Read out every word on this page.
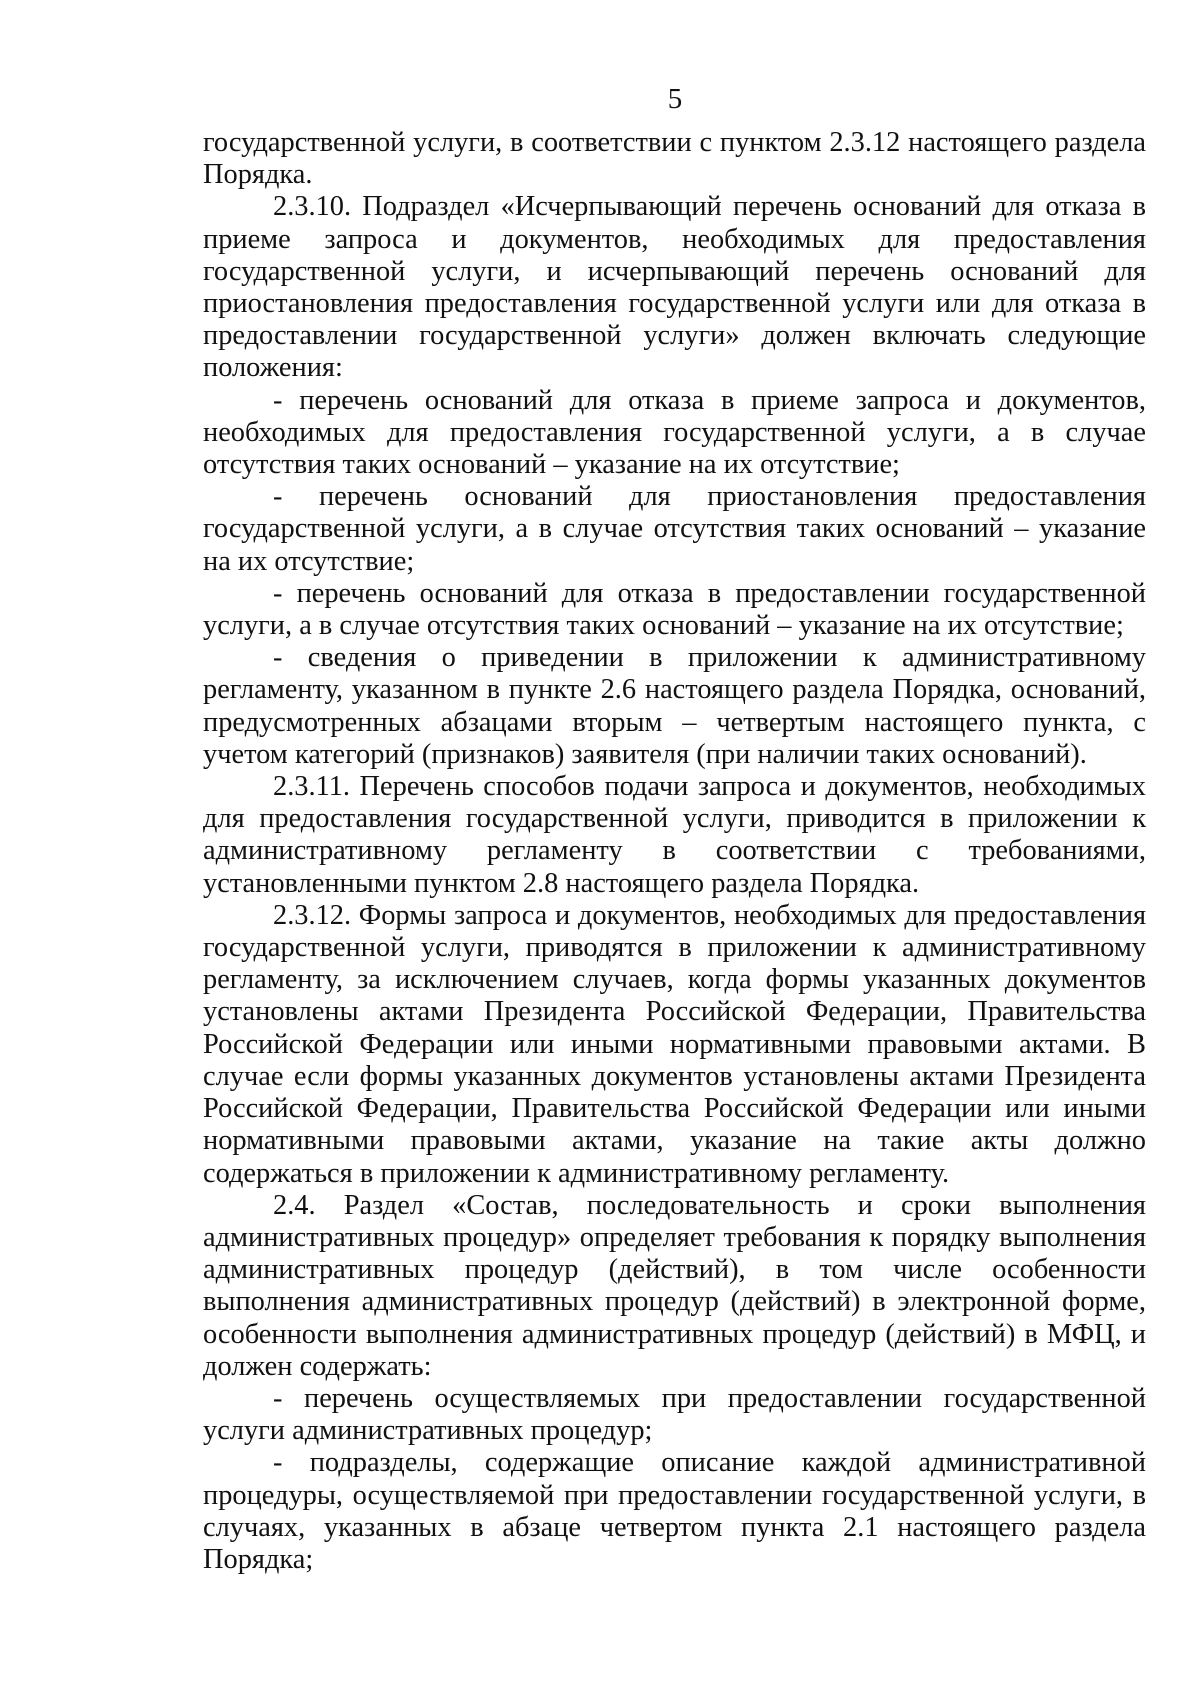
5

государственной услуги, в соответствии с пунктом 2.3.12 настоящего раздела Порядка.

2.3.10. Подраздел «Исчерпывающий перечень оснований для отказа в приеме запроса и документов, необходимых для предоставления государственной услуги, и исчерпывающий перечень оснований для приостановления предоставления государственной услуги или для отказа в предоставлении государственной услуги» должен включать следующие положения:

- перечень оснований для отказа в приеме запроса и документов, необходимых для предоставления государственной услуги, а в случае отсутствия таких оснований – указание на их отсутствие;

- перечень оснований для приостановления предоставления государственной услуги, а в случае отсутствия таких оснований – указание на их отсутствие;

- перечень оснований для отказа в предоставлении государственной услуги, а в случае отсутствия таких оснований – указание на их отсутствие;

- сведения о приведении в приложении к административному регламенту, указанном в пункте 2.6 настоящего раздела Порядка, оснований, предусмотренных абзацами вторым – четвертым настоящего пункта, с учетом категорий (признаков) заявителя (при наличии таких оснований).

2.3.11. Перечень способов подачи запроса и документов, необходимых для предоставления государственной услуги, приводится в приложении к административному регламенту в соответствии с требованиями, установленными пунктом 2.8 настоящего раздела Порядка.

2.3.12. Формы запроса и документов, необходимых для предоставления государственной услуги, приводятся в приложении к административному регламенту, за исключением случаев, когда формы указанных документов установлены актами Президента Российской Федерации, Правительства Российской Федерации или иными нормативными правовыми актами. В случае если формы указанных документов установлены актами Президента Российской Федерации, Правительства Российской Федерации или иными нормативными правовыми актами, указание на такие акты должно содержаться в приложении к административному регламенту.

2.4. Раздел «Состав, последовательность и сроки выполнения административных процедур» определяет требования к порядку выполнения административных процедур (действий), в том числе особенности выполнения административных процедур (действий) в электронной форме, особенности выполнения административных процедур (действий) в МФЦ, и должен содержать:

- перечень осуществляемых при предоставлении государственной услуги административных процедур;

- подразделы, содержащие описание каждой административной процедуры, осуществляемой при предоставлении государственной услуги, в случаях, указанных в абзаце четвертом пункта 2.1 настоящего раздела Порядка;
